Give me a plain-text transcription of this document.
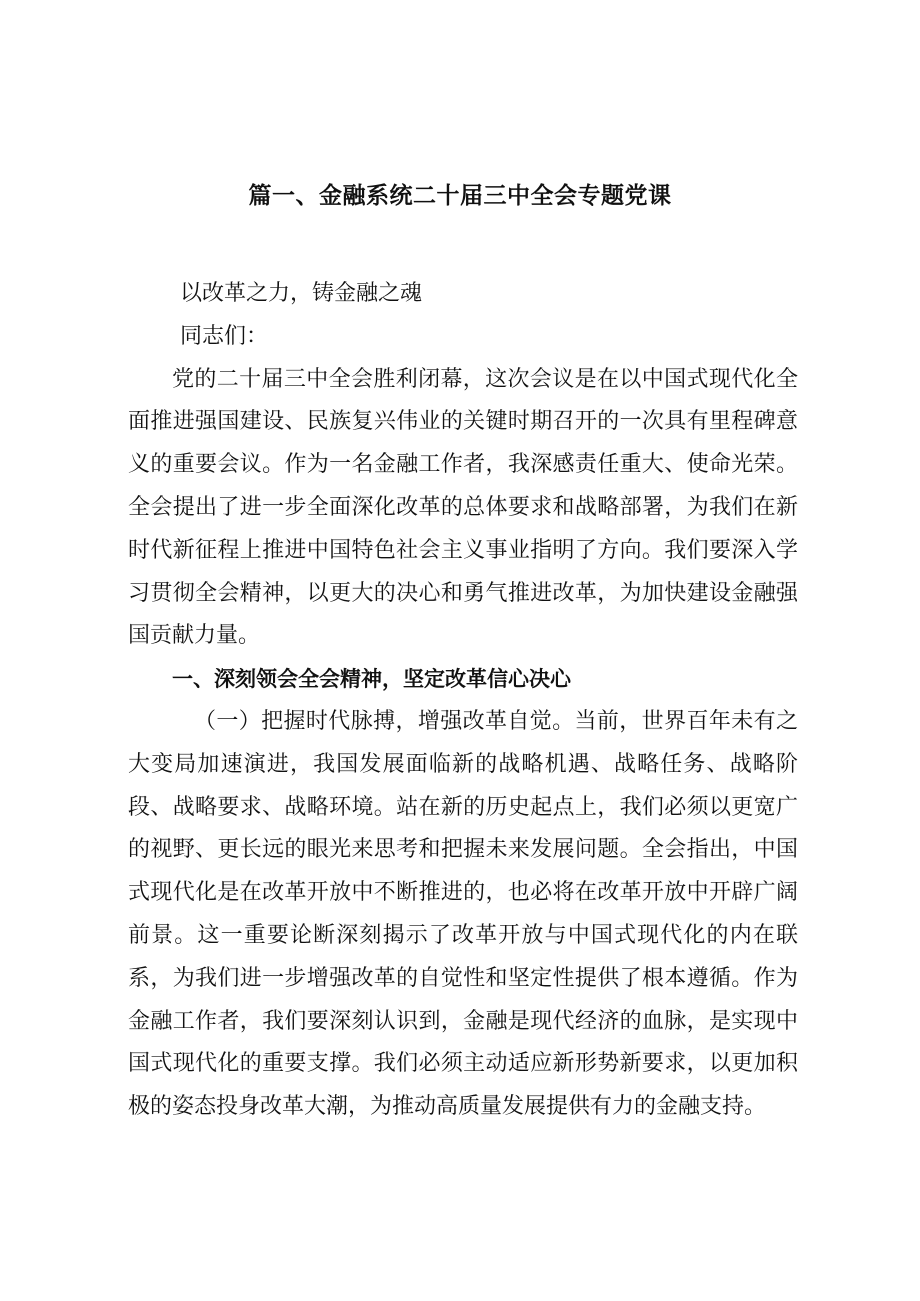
篇一、金融系统二十届三中全会专题党课

以改革之力，铸金融之魂

同志们：

党的二十届三中全会胜利闭幕，这次会议是在以中国式现代化全面推进强国建设、民族复兴伟业的关键时期召开的一次具有里程碑意义的重要会议。作为一名金融工作者，我深感责任重大、使命光荣。全会提出了进一步全面深化改革的总体要求和战略部署，为我们在新时代新征程上推进中国特色社会主义事业指明了方向。我们要深入学习贯彻全会精神，以更大的决心和勇气推进改革，为加快建设金融强国贡献力量。

一、深刻领会全会精神，坚定改革信心决心

（一）把握时代脉搏，增强改革自觉。当前，世界百年未有之大变局加速演进，我国发展面临新的战略机遇、战略任务、战略阶段、战略要求、战略环境。站在新的历史起点上，我们必须以更宽广的视野、更长远的眼光来思考和把握未来发展问题。全会指出，中国式现代化是在改革开放中不断推进的，也必将在改革开放中开辟广阔前景。这一重要论断深刻揭示了改革开放与中国式现代化的内在联系，为我们进一步增强改革的自觉性和坚定性提供了根本遵循。作为金融工作者，我们要深刻认识到，金融是现代经济的血脉，是实现中国式现代化的重要支撑。我们必须主动适应新形势新要求，以更加积极的姿态投身改革大潮，为推动高质量发展提供有力的金融支持。
